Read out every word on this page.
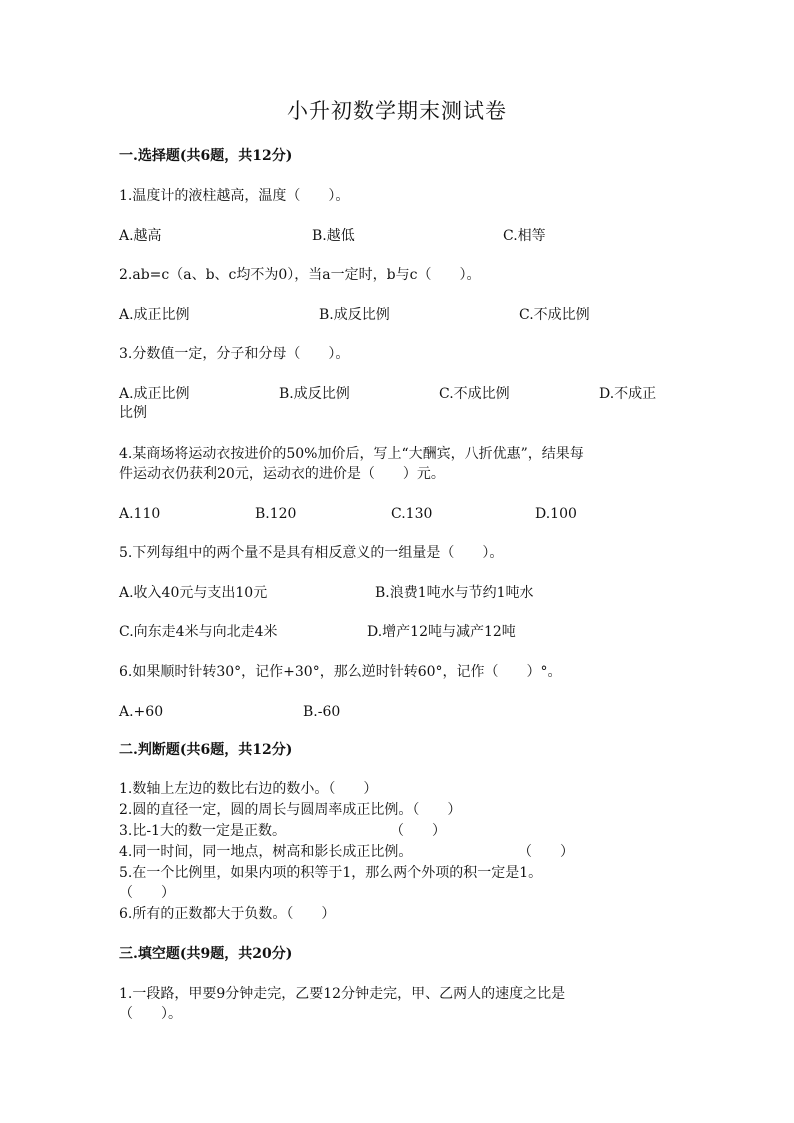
小升初数学期末测试卷
一.选择题(共6题，共12分)
1.温度计的液柱越高，温度（　　）。
A.越高	B.越低	C.相等
2.ab=c（a、b、c均不为0），当a一定时，b与c（　　）。
A.成正比例	B.成反比例	C.不成比例
3.分数值一定，分子和分母（　　）。
A.成正比例	B.成反比例	C.不成比例	D.不成正
比例
4.某商场将运动衣按进价的50%加价后，写上“大酬宾，八折优惠”，结果每
件运动衣仍获利20元，运动衣的进价是（　　）元。
A.110	B.120	C.130	D.100
5.下列每组中的两个量不是具有相反意义的一组量是（　　）。
A.收入40元与支出10元	B.浪费1吨水与节约1吨水
C.向东走4米与向北走4米	D.增产12吨与减产12吨
6.如果顺时针转30°，记作+30°，那么逆时针转60°，记作（　　）°。
A.+60	B.-60
二.判断题(共6题，共12分)
1.数轴上左边的数比右边的数小。（　　）
2.圆的直径一定，圆的周长与圆周率成正比例。（　　）
3.比-1大的数一定是正数。	（　　）
4.同一时间，同一地点，树高和影长成正比例。	（　　）
5.在一个比例里，如果内项的积等于1，那么两个外项的积一定是1。
（　　）
6.所有的正数都大于负数。（　　）
三.填空题(共9题，共20分)
1.一段路，甲要9分钟走完，乙要12分钟走完，甲、乙两人的速度之比是
（　　）。
